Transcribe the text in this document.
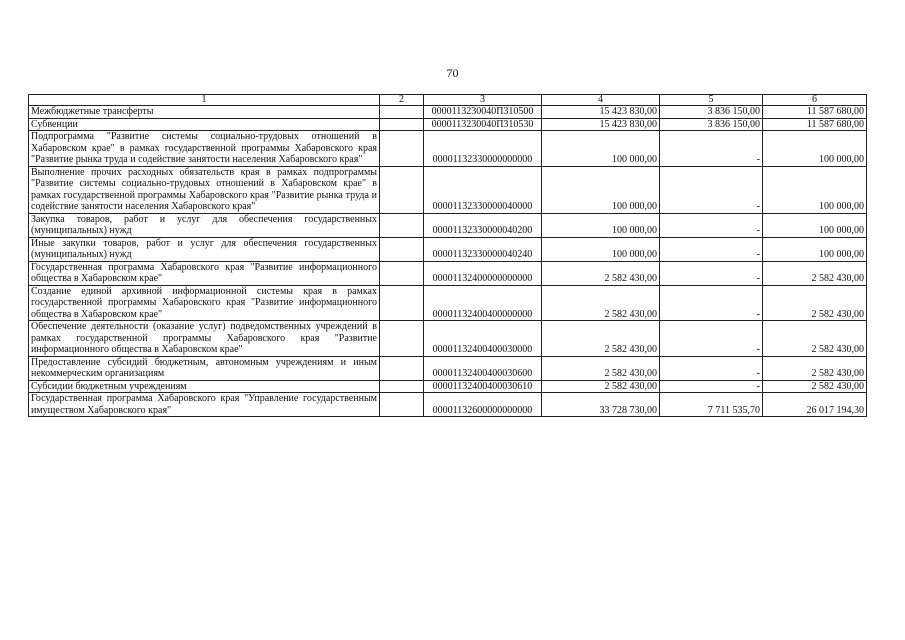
70
1	2	3	4	5	6
Межбюджетные трансферты		0000113230040П310500	15 423 830,00	3 836 150,00	11 587 680,00
Субвенции		0000113230040П310530	15 423 830,00	3 836 150,00	11 587 680,00
Подпрограмма "Развитие системы социально-трудовых отношений в Хабаровском крае" в рамках государственной программы Хабаровского края "Развитие рынка труда и содействие занятости населения Хабаровского края"		00001132330000000000	100 000,00	-	100 000,00
Выполнение прочих расходных обязательств края в рамках подпрограммы "Развитие системы социально-трудовых отношений в Хабаровском крае" в рамках государственной программы Хабаровского края "Развитие рынка труда и содействие занятости населения Хабаровского края"		00001132330000040000	100 000,00	-	100 000,00
Закупка товаров, работ и услуг для обеспечения государственных (муниципальных) нужд		00001132330000040200	100 000,00	-	100 000,00
Иные закупки товаров, работ и услуг для обеспечения государственных (муниципальных) нужд		00001132330000040240	100 000,00	-	100 000,00
Государственная программа Хабаровского края "Развитие информационного общества в Хабаровском крае"		00001132400000000000	2 582 430,00	-	2 582 430,00
Создание единой архивной информационной системы края в рамках государственной программы Хабаровского края "Развитие информационного общества в Хабаровском крае"		00001132400400000000	2 582 430,00	-	2 582 430,00
Обеспечение деятельности (оказание услуг) подведомственных учреждений в рамках государственной программы Хабаровского края "Развитие информационного общества в Хабаровском крае"		00001132400400030000	2 582 430,00	-	2 582 430,00
Предоставление субсидий бюджетным, автономным учреждениям и иным некоммерческим организациям		00001132400400030600	2 582 430,00	-	2 582 430,00
Субсидии бюджетным учреждениям		00001132400400030610	2 582 430,00	-	2 582 430,00
Государственная программа Хабаровского края "Управление государственным имуществом Хабаровского края"		00001132600000000000	33 728 730,00	7 711 535,70	26 017 194,30
